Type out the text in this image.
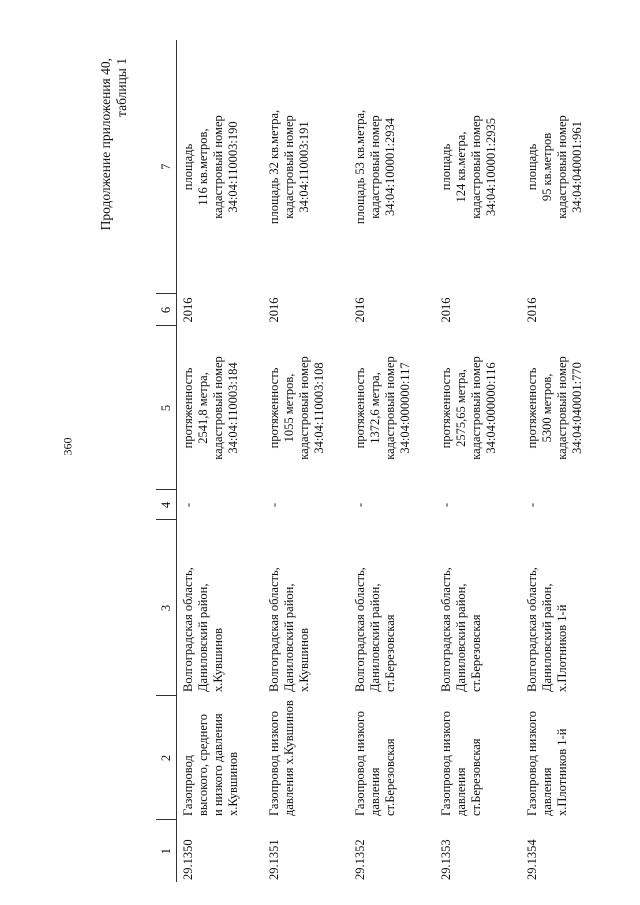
360
Продолжение приложения 40, таблицы 1
1	2	3	4	5	6	7
29.1350	Газопровод высокого, среднего и низкого давления х.Кувшинов	Волгоградская область, Даниловский район, х.Кувшинов	-	протяженность 2541,8 метра, кадастровый номер 34:04:110003:184	2016	площадь 116 кв.метров, кадастровый номер 34:04:110003:190

29.1351	Газопровод низкого давления х.Кувшинов	Волгоградская область, Даниловский район, х.Кувшинов	-	протяженность 1055 метров, кадастровый номер 34:04:110003:108	2016	площадь 32 кв.метра, кадастровый номер 34:04:110003:191

29.1352	Газопровод низкого давления ст.Березовская	Волгоградская область, Даниловский район, ст.Березовская	-	протяженность 1372,6 метра, кадастровый номер 34:04:000000:117	2016	площадь 53 кв.метра, кадастровый номер 34:04:100001:2934

29.1353	Газопровод низкого давления ст.Березовская	Волгоградская область, Даниловский район, ст.Березовская	-	протяженность 2575,65 метра, кадастровый номер 34:04:000000:116	2016	площадь 124 кв.метра, кадастровый номер 34:04:100001:2935

29.1354	Газопровод низкого давления х.Плотников 1-й	Волгоградская область, Даниловский район, х.Плотников 1-й	-	протяженность 5300 метров, кадастровый номер 34:04:040001:770	2016	площадь 95 кв.метров кадастровый номер 34:04:040001:961
